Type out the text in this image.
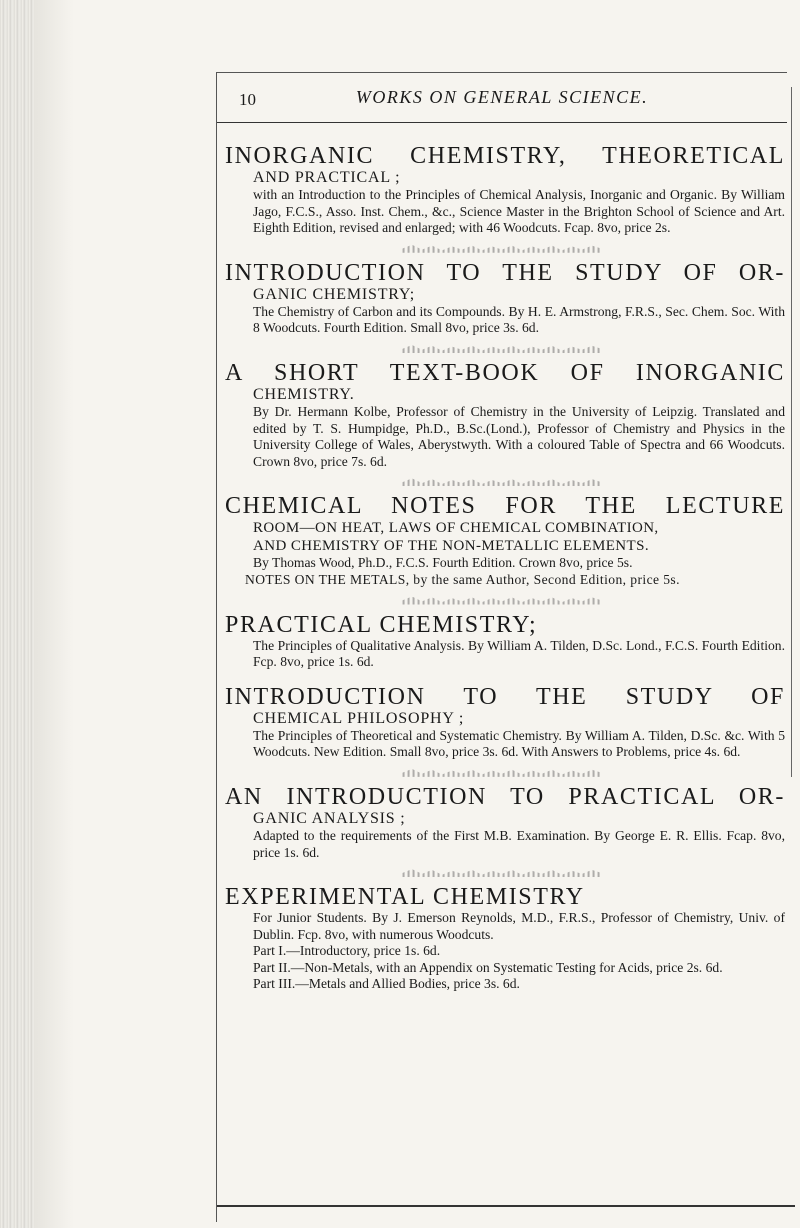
10	WORKS ON GENERAL SCIENCE.
INORGANIC CHEMISTRY, THEORETICAL
AND PRACTICAL ;
with an Introduction to the Principles of Chemical Analysis, Inorganic and Organic. By William Jago, F.C.S., Asso. Inst. Chem., &c., Science Master in the Brighton School of Science and Art. Eighth Edition, revised and enlarged; with 46 Woodcuts. Fcap. 8vo, price 2s.
INTRODUCTION TO THE STUDY OF OR-
GANIC CHEMISTRY;
The Chemistry of Carbon and its Compounds. By H. E. Armstrong, F.R.S., Sec. Chem. Soc. With 8 Woodcuts. Fourth Edition. Small 8vo, price 3s. 6d.
A SHORT TEXT-BOOK OF INORGANIC
CHEMISTRY.
By Dr. Hermann Kolbe, Professor of Chemistry in the University of Leipzig. Translated and edited by T. S. Humpidge, Ph.D., B.Sc.(Lond.), Professor of Chemistry and Physics in the University College of Wales, Aberystwyth. With a coloured Table of Spectra and 66 Woodcuts. Crown 8vo, price 7s. 6d.
CHEMICAL NOTES FOR THE LECTURE
ROOM—ON HEAT, LAWS OF CHEMICAL COMBINATION,
AND CHEMISTRY OF THE NON-METALLIC ELEMENTS.
By Thomas Wood, Ph.D., F.C.S. Fourth Edition. Crown 8vo, price 5s.
NOTES ON THE METALS, by the same Author, Second Edition, price 5s.
PRACTICAL CHEMISTRY;
The Principles of Qualitative Analysis. By William A. Tilden, D.Sc. Lond., F.C.S. Fourth Edition. Fcp. 8vo, price 1s. 6d.
INTRODUCTION TO THE STUDY OF
CHEMICAL PHILOSOPHY ;
The Principles of Theoretical and Systematic Chemistry. By William A. Tilden, D.Sc. &c. With 5 Woodcuts. New Edition. Small 8vo, price 3s. 6d. With Answers to Problems, price 4s. 6d.
AN INTRODUCTION TO PRACTICAL OR-
GANIC ANALYSIS ;
Adapted to the requirements of the First M.B. Examination. By George E. R. Ellis. Fcap. 8vo, price 1s. 6d.
EXPERIMENTAL CHEMISTRY
For Junior Students. By J. Emerson Reynolds, M.D., F.R.S., Professor of Chemistry, Univ. of Dublin. Fcp. 8vo, with numerous Woodcuts.
Part I.—Introductory, price 1s. 6d.
Part II.—Non-Metals, with an Appendix on Systematic Testing for Acids, price 2s. 6d.
Part III.—Metals and Allied Bodies, price 3s. 6d.
